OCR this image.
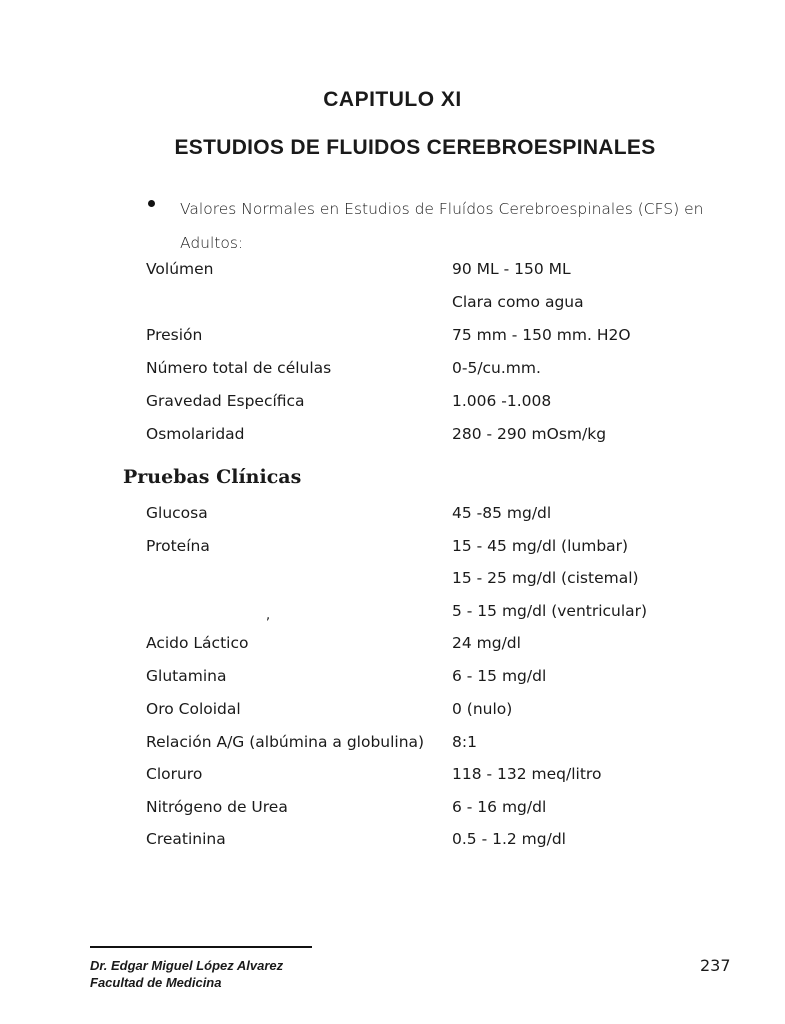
CAPITULO XI
ESTUDIOS DE FLUIDOS CEREBROESPINALES
Valores Normales en Estudios de Fluídos Cerebroespinales (CFS) en Adultos:
Volúmen	90 ML - 150 ML
Clara como agua
Presión	75 mm - 150 mm. H2O
Número total de células	0-5/cu.mm.
Gravedad Específica	1.006 -1.008
Osmolaridad	280 - 290 mOsm/kg
Pruebas Clínicas
,
Glucosa	45 -85 mg/dl
Proteína	15 - 45 mg/dl (lumbar)
15 - 25 mg/dl (cistemal)
5 - 15 mg/dl (ventricular)
Acido Láctico	24 mg/dl
Glutamina	6 - 15 mg/dl
Oro Coloidal	0 (nulo)
Relación A/G (albúmina a globulina) 8:1
Cloruro	118 - 132 meq/litro
Nitrógeno de Urea	6 - 16 mg/dl
Creatinina	0.5 - 1.2 mg/dl
Dr. Edgar Miguel López Alvarez
Facultad de Medicina
237
